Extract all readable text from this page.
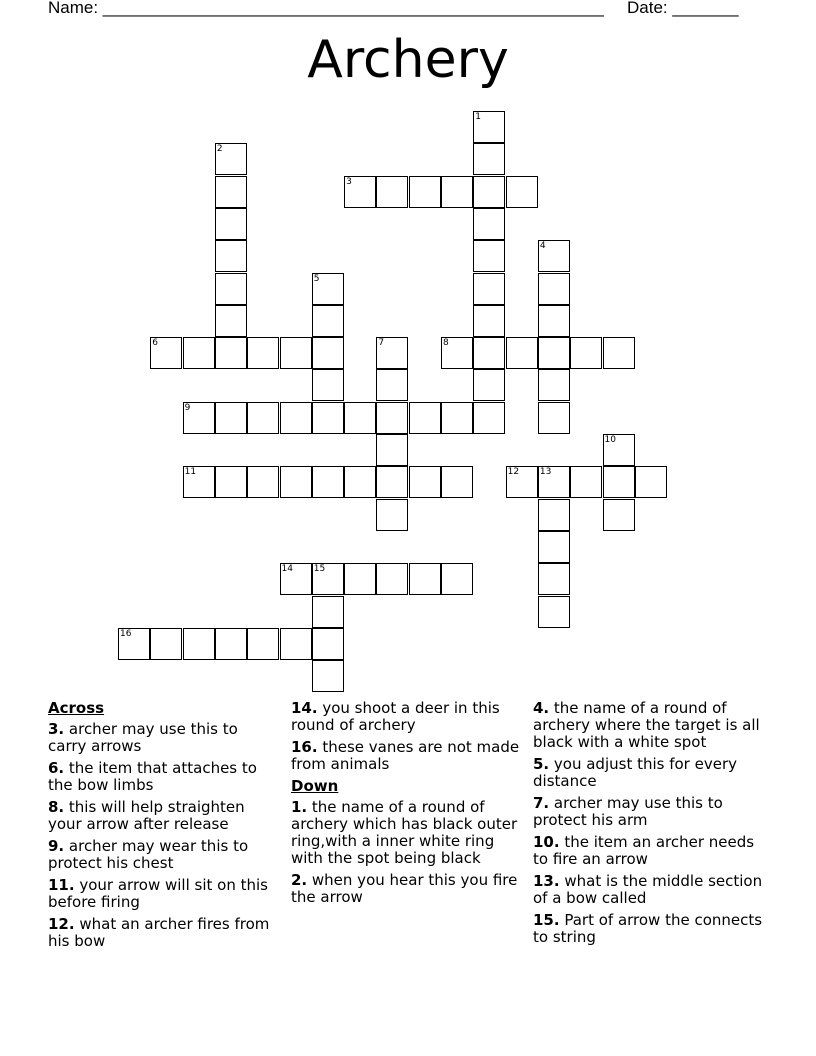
Name: _____________________________________________________ Date: _______
Archery
1
2
3
4
5
6	7	8
9
10
11	12 13
14 15
16
Across
3. archer may use this to carry arrows
6. the item that attaches to the bow limbs
8. this will help straighten your arrow after release
9. archer may wear this to protect his chest
11. your arrow will sit on this before firing
12. what an archer fires from his bow
14. you shoot a deer in this round of archery
16. these vanes are not made from animals
Down
1. the name of a round of archery which has black outer ring,with a inner white ring with the spot being black
2. when you hear this you fire the arrow
4. the name of a round of archery where the target is all black with a white spot
5. you adjust this for every distance
7. archer may use this to protect his arm
10. the item an archer needs to fire an arrow
13. what is the middle section of a bow called
15. Part of arrow the connects to string
